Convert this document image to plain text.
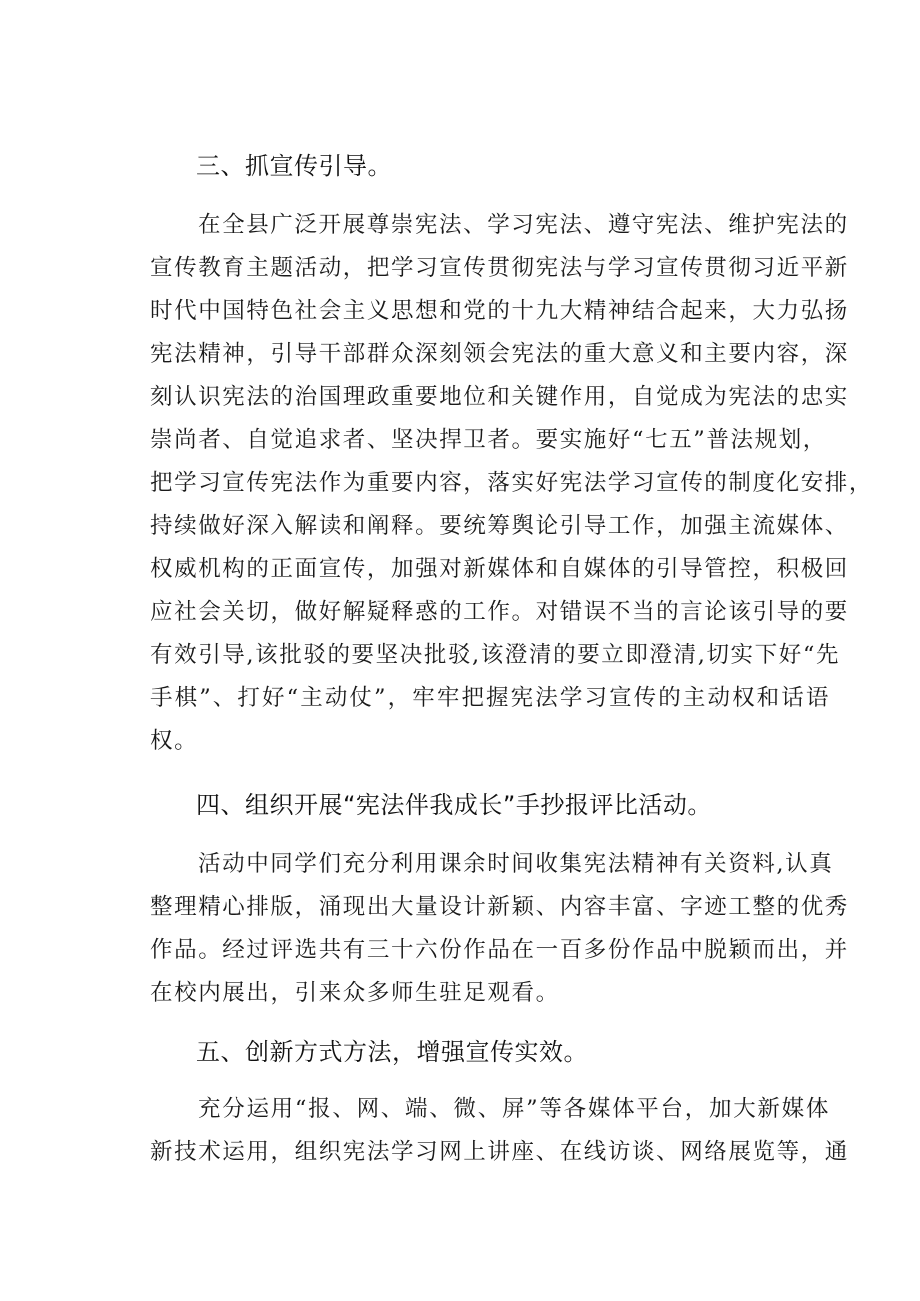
三、抓宣传引导。
在全县广泛开展尊崇宪法、学习宪法、遵守宪法、维护宪法的
宣传教育主题活动，把学习宣传贯彻宪法与学习宣传贯彻习近平新
时代中国特色社会主义思想和党的十九大精神结合起来，大力弘扬
宪法精神，引导干部群众深刻领会宪法的重大意义和主要内容，深
刻认识宪法的治国理政重要地位和关键作用，自觉成为宪法的忠实
崇尚者、自觉追求者、坚决捍卫者。要实施好“七五”普法规划，
把学习宣传宪法作为重要内容，落实好宪法学习宣传的制度化安排，
持续做好深入解读和阐释。要统筹舆论引导工作，加强主流媒体、
权威机构的正面宣传，加强对新媒体和自媒体的引导管控，积极回
应社会关切，做好解疑释惑的工作。对错误不当的言论该引导的要
有效引导,该批驳的要坚决批驳,该澄清的要立即澄清,切实下好“先
手棋”、打好“主动仗”，牢牢把握宪法学习宣传的主动权和话语
权。
四、组织开展“宪法伴我成长”手抄报评比活动。
活动中同学们充分利用课余时间收集宪法精神有关资料,认真
整理精心排版，涌现出大量设计新颖、内容丰富、字迹工整的优秀
作品。经过评选共有三十六份作品在一百多份作品中脱颖而出，并
在校内展出，引来众多师生驻足观看。
五、创新方式方法，增强宣传实效。
充分运用“报、网、端、微、屏”等各媒体平台，加大新媒体
新技术运用，组织宪法学习网上讲座、在线访谈、网络展览等，通
